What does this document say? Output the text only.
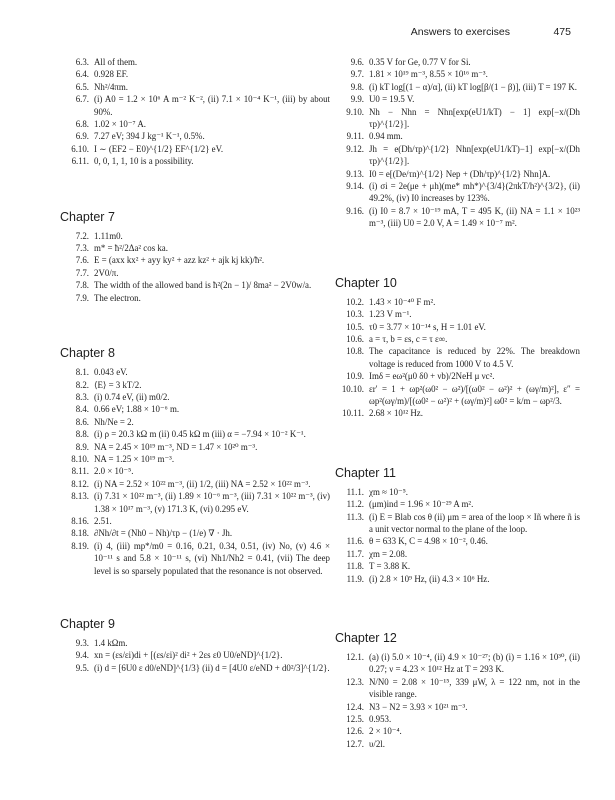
Answers to exercises	475
6.3. All of them.
6.4. 0.928 EF.
6.5. Nh²/4πm.
6.7. (i) A0 = 1.2 × 10⁶ A m⁻² K⁻², (ii) 7.1 × 10⁻⁴ K⁻¹, (iii) by about 90%.
6.8. 1.02 × 10⁻⁷ A.
6.9. 7.27 eV; 394 J kg⁻¹ K⁻¹, 0.5%.
6.10. I ∼ (EF2 − E0)^{1/2} EF^{1/2} eV.
6.11. 0, 0, 1, 1, 10 is a possibility.
Chapter 7
7.2. 1.11m0.
7.3. m* = ħ²/2Δa² cos ka.
7.6. E = (axx kx² + ayy ky² + azz kz² + ajk kj kk)/ħ².
7.7. 2V0/π.
7.8. The width of the allowed band is ħ²(2n − 1)/ 8ma² − 2V0w/a.
7.9. The electron.
Chapter 8
8.1. 0.043 eV.
8.2. ⟨E⟩ = 3 kT/2.
8.3. (i) 0.74 eV, (ii) m0/2.
8.4. 0.66 eV; 1.88 × 10⁻⁶ m.
8.6. Nh/Ne = 2.
8.8. (i) ρ = 20.3 kΩ m (ii) 0.45 kΩ m (iii) α = −7.94 × 10⁻² K⁻¹.
8.9. NA = 2.45 × 10¹⁹ m⁻³, ND = 1.47 × 10²⁰ m⁻³.
8.10. NA = 1.25 × 10¹⁹ m⁻³.
8.11. 2.0 × 10⁻⁵.
8.12. (i) NA = 2.52 × 10²² m⁻³, (ii) 1/2, (iii) NA = 2.52 × 10²² m⁻³.
8.13. (i) 7.31 × 10²² m⁻³, (ii) 1.89 × 10⁻⁶ m⁻³, (iii) 7.31 × 10²² m⁻³, (iv) 1.38 × 10¹⁷ m⁻³, (v) 171.3 K, (vi) 0.295 eV.
8.16. 2.51.
8.18. ∂Nh/∂t = (Nh0 − Nh)/τp − (1/e) ∇ · Jh.
8.19. (i) 4, (iii) mp*/m0 = 0.16, 0.21, 0.34, 0.51, (iv) No, (v) 4.6 × 10⁻¹¹ s and 5.8 × 10⁻¹¹ s, (vi) Nh1/Nh2 = 0.41, (vii) The deep level is so sparsely populated that the resonance is not observed.
Chapter 9
9.3. 1.4 kΩm.
9.4. xn = (εs/εi)di + [(εs/εi)² di² + 2εs ε0 U0/eND]^{1/2}.
9.5. (i) d = [6U0 ε d0/eND]^{1/3} (ii) d = [4U0 ε/eND + d0²/3]^{1/2}.
9.6. 0.35 V for Ge, 0.77 V for Si.
9.7. 1.81 × 10¹⁹ m⁻³, 8.55 × 10¹⁶ m⁻³.
9.8. (i) kT log[(1 − α)/α], (ii) kT log[β/(1 − β)], (iii) T = 197 K.
9.9. U0 = 19.5 V.
9.10. Nh − Nhn = Nhn[exp(eU1/kT) − 1] exp[−x/(Dh τp)^{1/2}].
9.11. 0.94 mm.
9.12. Jh = e(Dh/τp)^{1/2} Nhn[exp(eU1/kT)−1] exp[−x/(Dh τp)^{1/2}].
9.13. I0 = e[(De/τn)^{1/2} Nep + (Dh/τp)^{1/2} Nhn]A.
9.14. (i) σi = 2e(μe + μh)(me* mh*)^{3/4}(2πkT/h²)^{3/2}, (ii) 49.2%, (iv) I0 increases by 123%.
9.16. (i) I0 = 8.7 × 10⁻¹⁹ mA, T = 495 K, (ii) NA = 1.1 × 10²³ m⁻³, (iii) U0 = 2.0 V, A = 1.49 × 10⁻⁷ m².
Chapter 10
10.2. 1.43 × 10⁻⁴⁰ F m².
10.3. 1.23 V m⁻¹.
10.5. τ0 = 3.77 × 10⁻¹⁴ s, H = 1.01 eV.
10.6. a = τ, b = εs, c = τ ε∞.
10.8. The capacitance is reduced by 22%. The breakdown voltage is reduced from 1000 V to 4.5 V.
10.9. Imδ = eω²(μ0 δ0 + νb)/2NeH μ νc².
10.10. εr′ = 1 + ωp²(ω0² − ω²)/[(ω0² − ω²)² + (ωγ/m)²], ε″ = ωp²(ωγ/m)/[(ω0² − ω²)² + (ωγ/m)²] ω0² = k/m − ωp²/3.
10.11. 2.68 × 10¹² Hz.
Chapter 11
11.1. χm ≈ 10⁻⁵.
11.2. (μm)ind = 1.96 × 10⁻²⁹ A m².
11.3. (i) E = Blab cos θ (ii) μm = area of the loop × Iñ where ñ is a unit vector normal to the plane of the loop.
11.6. θ = 633 K, C = 4.98 × 10⁻², 0.46.
11.7. χm = 2.08.
11.8. T = 3.88 K.
11.9. (i) 2.8 × 10⁹ Hz, (ii) 4.3 × 10⁶ Hz.
Chapter 12
12.1. (a) (i) 5.0 × 10⁻⁴, (ii) 4.9 × 10⁻²⁷; (b) (i) = 1.16 × 10³⁰, (ii) 0.27; ν = 4.23 × 10¹² Hz at T = 293 K.
12.3. N/N0 = 2.08 × 10⁻¹⁵, 339 μW, λ = 122 nm, not in the visible range.
12.4. N3 − N2 = 3.93 × 10²¹ m⁻³.
12.5. 0.953.
12.6. 2 × 10⁻⁴.
12.7. υ/2l.
